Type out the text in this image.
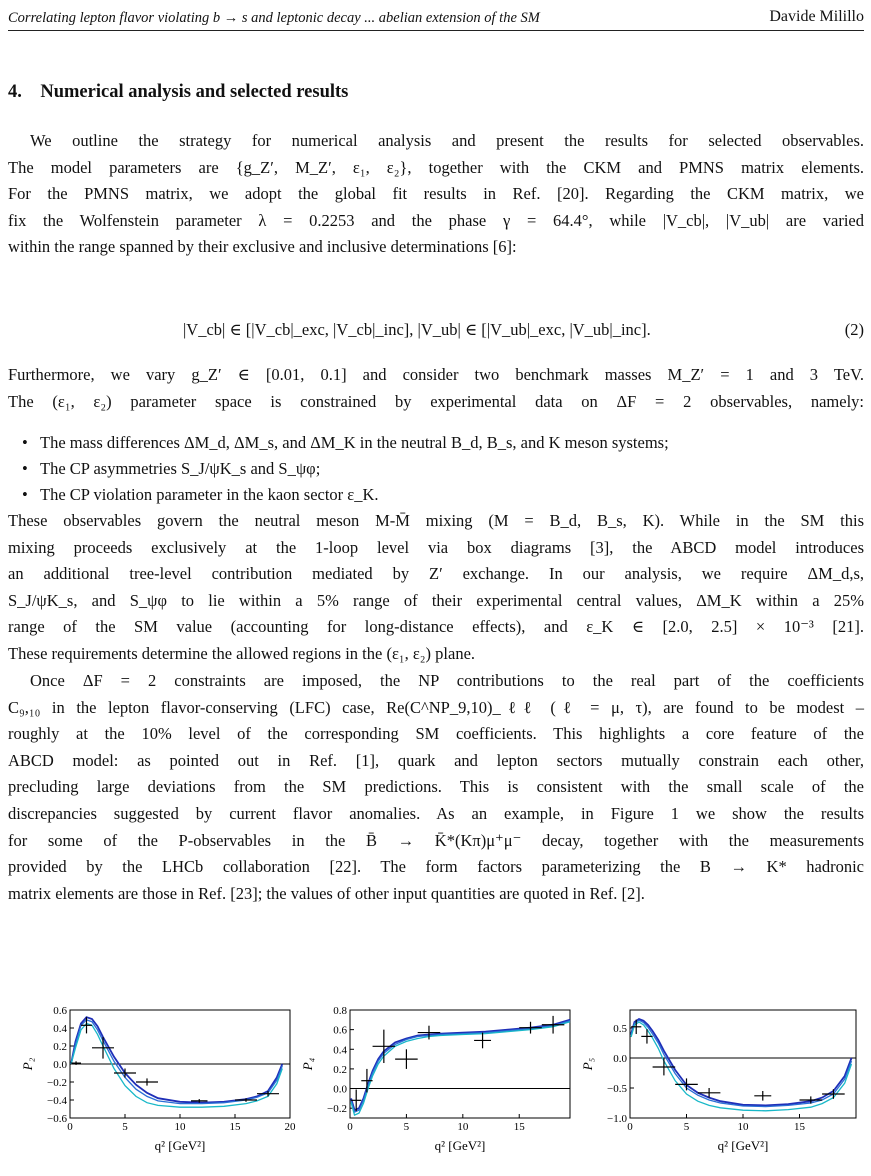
Correlating lepton flavor violating b → s and leptonic decay ... abelian extension of the SM	Davide Milillo
4. Numerical analysis and selected results
We outline the strategy for numerical analysis and present the results for selected observables.
The model parameters are {g_Z′, M_Z′, ε₁, ε₂}, together with the CKM and PMNS matrix elements.
For the PMNS matrix, we adopt the global fit results in Ref. [20]. Regarding the CKM matrix, we
fix the Wolfenstein parameter λ = 0.2253 and the phase γ = 64.4°, while |V_cb|, |V_ub| are varied
within the range spanned by their exclusive and inclusive determinations [6]:
|V_cb| ∈ [|V_cb|_exc, |V_cb|_inc], |V_ub| ∈ [|V_ub|_exc, |V_ub|_inc].	(2)
Furthermore, we vary g_Z′ ∈ [0.01, 0.1] and consider two benchmark masses M_Z′ = 1 and 3 TeV.
The (ε₁, ε₂) parameter space is constrained by experimental data on ΔF = 2 observables, namely:
• The mass differences ΔM_d, ΔM_s, and ΔM_K in the neutral B_d, B_s, and K meson systems;
• The CP asymmetries S_J/ψK_s and S_ψφ;
• The CP violation parameter in the kaon sector ε_K.
These observables govern the neutral meson M-M̄ mixing (M = B_d, B_s, K). While in the SM this
mixing proceeds exclusively at the 1-loop level via box diagrams [3], the ABCD model introduces
an additional tree-level contribution mediated by Z′ exchange. In our analysis, we require ΔM_d,s,
S_J/ψK_s, and S_ψφ to lie within a 5% range of their experimental central values, ΔM_K within a 25%
range of the SM value (accounting for long-distance effects), and ε_K ∈ [2.0, 2.5] × 10⁻³ [21].
These requirements determine the allowed regions in the (ε₁, ε₂) plane.
Once ΔF = 2 constraints are imposed, the NP contributions to the real part of the coefficients
C₉,₁₀ in the lepton flavor-conserving (LFC) case, Re(C^NP_9,10)_ℓℓ (ℓ = μ, τ), are found to be modest –
roughly at the 10% level of the corresponding SM coefficients. This highlights a core feature of the
ABCD model: as pointed out in Ref. [1], quark and lepton sectors mutually constrain each other,
precluding large deviations from the SM predictions. This is consistent with the small scale of the
discrepancies suggested by current flavor anomalies. As an example, in Figure 1 we show the results
for some of the P-observables in the B̄ → K̄*(Kπ)μ⁺μ⁻ decay, together with the measurements
provided by the LHCb collaboration [22]. The form factors parameterizing the B → K* hadronic
matrix elements are those in Ref. [23]; the values of other input quantities are quoted in Ref. [2].
0	5	10	15	20
−0.6
−0.4
−0.2
0.0
0.2
0.4
0.6
P₂
q² [GeV²]
0	5	10	15
−0.2
0.0
0.2
0.4
0.6
0.8
P₄
q² [GeV²]
0	5	10	15
−1.0
−0.5
0.0
0.5
P₅
q² [GeV²]
